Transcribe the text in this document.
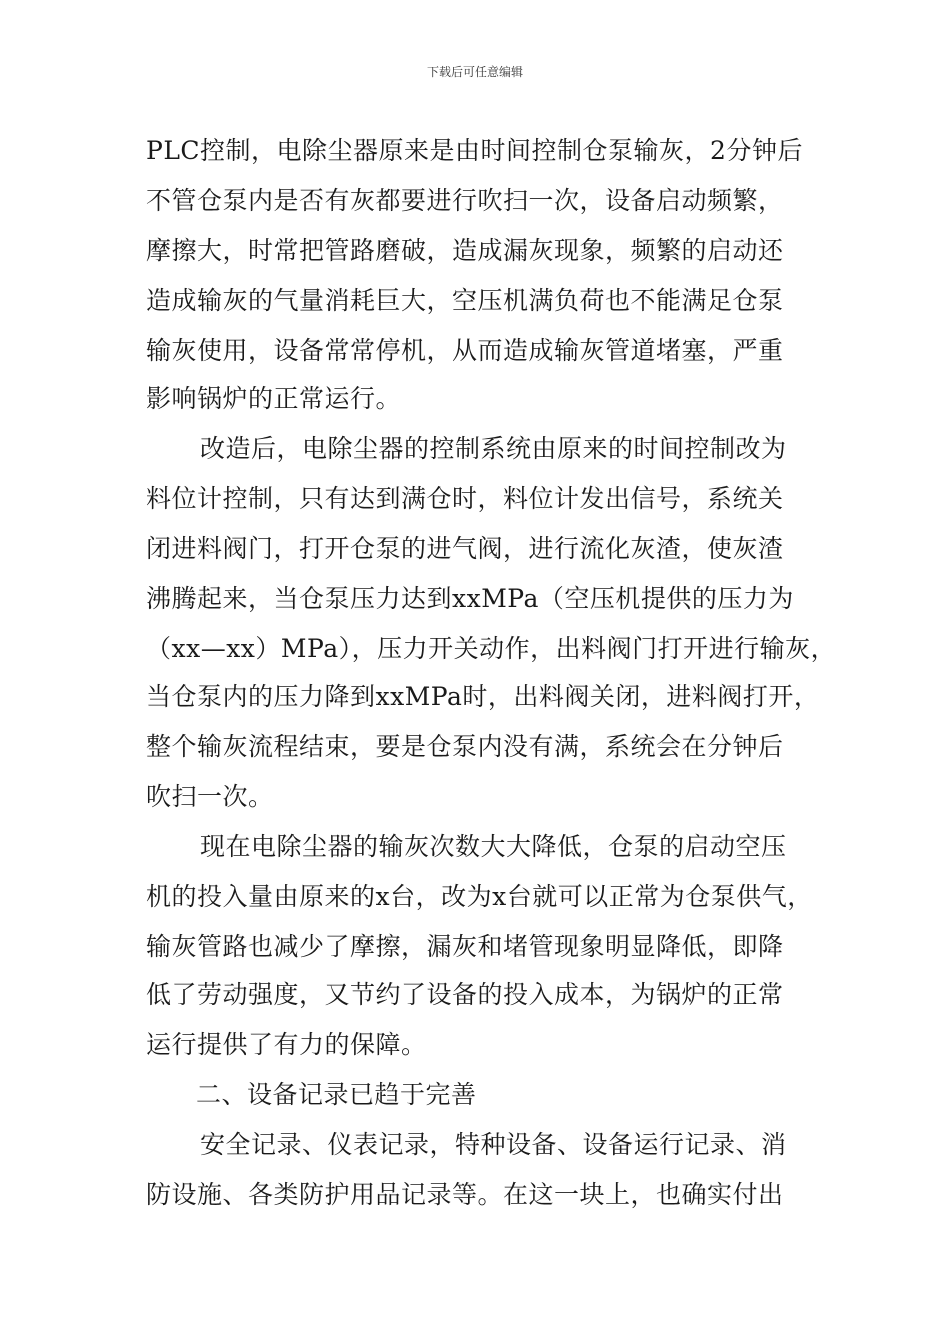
下载后可任意编辑
PLC控制，电除尘器原来是由时间控制仓泵输灰，2分钟后
不管仓泵内是否有灰都要进行吹扫一次，设备启动频繁，
摩擦大，时常把管路磨破，造成漏灰现象，频繁的启动还
造成输灰的气量消耗巨大，空压机满负荷也不能满足仓泵
输灰使用，设备常常停机，从而造成输灰管道堵塞，严重
影响锅炉的正常运行。
改造后，电除尘器的控制系统由原来的时间控制改为
料位计控制，只有达到满仓时，料位计发出信号，系统关
闭进料阀门，打开仓泵的进气阀，进行流化灰渣，使灰渣
沸腾起来，当仓泵压力达到xxMPa（空压机提供的压力为
（xx—xx）MPa），压力开关动作，出料阀门打开进行输灰，
当仓泵内的压力降到xxMPa时，出料阀关闭，进料阀打开，
整个输灰流程结束，要是仓泵内没有满，系统会在分钟后
吹扫一次。
现在电除尘器的输灰次数大大降低，仓泵的启动空压
机的投入量由原来的x台，改为x台就可以正常为仓泵供气，
输灰管路也减少了摩擦，漏灰和堵管现象明显降低，即降
低了劳动强度，又节约了设备的投入成本，为锅炉的正常
运行提供了有力的保障。
二、设备记录已趋于完善
安全记录、仪表记录，特种设备、设备运行记录、消
防设施、各类防护用品记录等。在这一块上，也确实付出
